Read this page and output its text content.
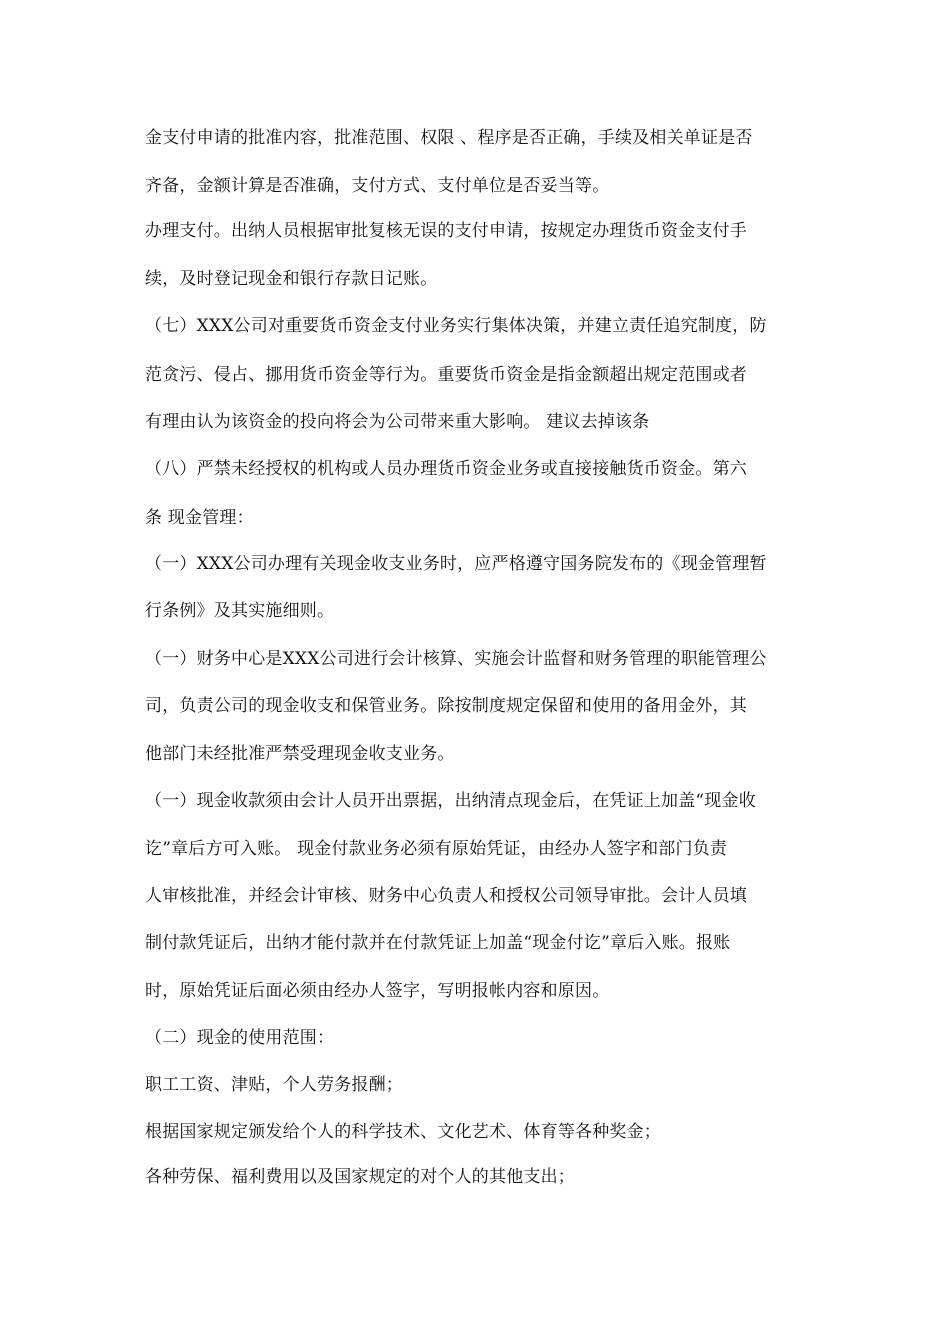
金支付申请的批准内容，批准范围、权限 、程序是否正确，手续及相关单证是否
齐备，金额计算是否准确，支付方式、支付单位是否妥当等。
办理支付。出纳人员根据审批复核无误的支付申请，按规定办理货币资金支付手
续，及时登记现金和银行存款日记账。
（七）XXX公司对重要货币资金支付业务实行集体决策，并建立责任追究制度，防
范贪污、侵占、挪用货币资金等行为。重要货币资金是指金额超出规定范围或者
有理由认为该资金的投向将会为公司带来重大影响。 建议去掉该条
（八）严禁未经授权的机构或人员办理货币资金业务或直接接触货币资金。第六
条 现金管理：
（一）XXX公司办理有关现金收支业务时，应严格遵守国务院发布的《现金管理暂
行条例》及其实施细则。
（一）财务中心是XXX公司进行会计核算、实施会计监督和财务管理的职能管理公
司，负责公司的现金收支和保管业务。除按制度规定保留和使用的备用金外，其
他部门未经批准严禁受理现金收支业务。
（一）现金收款须由会计人员开出票据，出纳清点现金后，在凭证上加盖“现金收
讫”章后方可入账。 现金付款业务必须有原始凭证，由经办人签字和部门负责
人审核批准，并经会计审核、财务中心负责人和授权公司领导审批。会计人员填
制付款凭证后，出纳才能付款并在付款凭证上加盖“现金付讫”章后入账。报账
时，原始凭证后面必须由经办人签字，写明报帐内容和原因。
（二）现金的使用范围：
职工工资、津贴，个人劳务报酬；
根据国家规定颁发给个人的科学技术、文化艺术、体育等各种奖金；
各种劳保、福利费用以及国家规定的对个人的其他支出；
